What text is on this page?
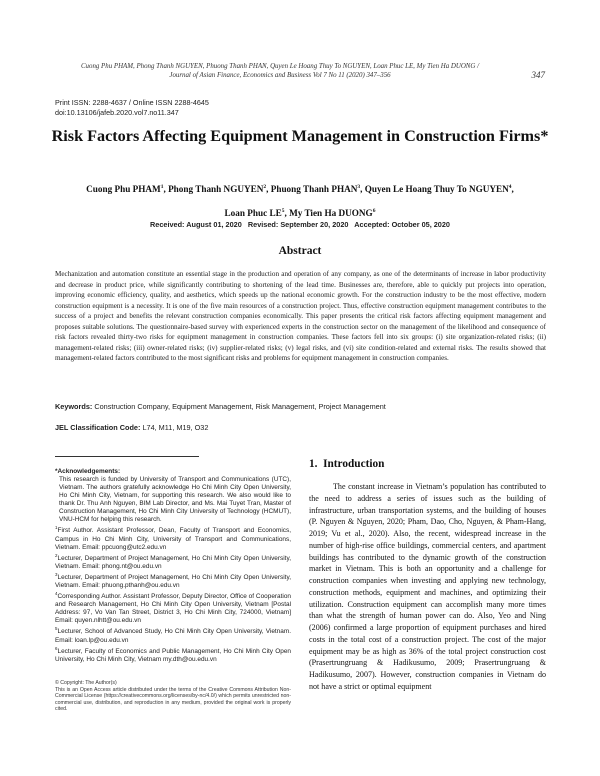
Cuong Phu PHAM, Phong Thanh NGUYEN, Phuong Thanh PHAN, Quyen Le Hoang Thuy To NGUYEN, Loan Phuc LE, My Tien Ha DUONG /
Journal of Asian Finance, Economics and Business Vol 7 No 11 (2020) 347–356	347
Print ISSN: 2288-4637 / Online ISSN 2288-4645
doi:10.13106/jafeb.2020.vol7.no11.347
Risk Factors Affecting Equipment Management in Construction Firms*
Cuong Phu PHAM$^1$, Phong Thanh NGUYEN$^2$, Phuong Thanh PHAN$^3$, Quyen Le Hoang Thuy To NGUYEN$^4$,
Loan Phuc $LE^5$, My Tien Ha DUONG$^6$
Received: August 01, 2020   Revised: September 20, 2020   Accepted: October 05, 2020
Abstract
Mechanization and automation constitute an essential stage in the production and operation of any company, as one of the determinants of increase in labor productivity and decrease in product price, while significantly contributing to shortening of the lead time. Businesses are, therefore, able to quickly put projects into operation, improving economic efficiency, quality, and aesthetics, which speeds up the national economic growth. For the construction industry to be the most effective, modern construction equipment is a necessity. It is one of the five main resources of a construction project. Thus, effective construction equipment management contributes to the success of a project and benefits the relevant construction companies economically. This paper presents the critical risk factors affecting equipment management and proposes suitable solutions. The questionnaire-based survey with experienced experts in the construction sector on the management of the likelihood and consequence of risk factors revealed thirty-two risks for equipment management in construction companies. These factors fell into six groups: (i) site organization-related risks; (ii) management-related risks; (iii) owner-related risks; (iv) supplier-related risks; (v) legal risks, and (vi) site condition-related and external risks. The results showed that management-related factors contributed to the most significant risks and problems for equipment management in construction companies.
Keywords: Construction Company, Equipment Management, Risk Management, Project Management
JEL Classification Code: L74, M11, M19, O32
*Acknowledgements:
This research is funded by University of Transport and Communications (UTC), Vietnam. The authors gratefully acknowledge Ho Chi Minh City Open University, Ho Chi Minh City, Vietnam, for supporting this research. We also would like to thank Dr. Thu Anh Nguyen, BIM Lab Director, and Ms. Mai Tuyet Tran, Master of Construction Management, Ho Chi Minh City University of Technology (HCMUT), VNU-HCM for helping this research.
$^1$First Author. Assistant Professor, Dean, Faculty of Transport and Economics, Campus in Ho Chi Minh City, University of Transport and Communications, Vietnam. Email: ppcuong@utc2.edu.vn
$^2$Lecturer, Department of Project Management, Ho Chi Minh City Open University, Vietnam. Email: phong.nt@ou.edu.vn
$^3$Lecturer, Department of Project Management, Ho Chi Minh City Open University, Vietnam. Email: phuong.pthanh@ou.edu.vn
$^4$Corresponding Author. Assistant Professor, Deputy Director, Office of Cooperation and Research Management, Ho Chi Minh City Open University, Vietnam [Postal Address: 97, Vo Van Tan Street, District 3, Ho Chi Minh City, 724000, Vietnam] Email: quyen.nlhtt@ou.edu.vn
$^5$Lecturer, School of Advanced Study, Ho Chi Minh City Open University, Vietnam. Email: loan.lp@ou.edu.vn
$^6$Lecturer, Faculty of Economics and Public Management, Ho Chi Minh City Open University, Ho Chi Minh City, Vietnam my.dth@ou.edu.vn
© Copyright: The Author(s)
This is an Open Access article distributed under the terms of the Creative Commons Attribution Non-Commercial License (https://creativecommons.org/licenses/by-nc/4.0/) which permits unrestricted non-commercial use, distribution, and reproduction in any medium, provided the original work is properly cited.
1.  Introduction
The constant increase in Vietnam’s population has contributed to the need to address a series of issues such as the building of infrastructure, urban transportation systems, and the building of houses (P. Nguyen & Nguyen, 2020; Pham, Dao, Cho, Nguyen, & Pham-Hang, 2019; Vu et al., 2020). Also, the recent, widespread increase in the number of high-rise office buildings, commercial centers, and apartment buildings has contributed to the dynamic growth of the construction market in Vietnam. This is both an opportunity and a challenge for construction companies when investing and applying new technology, construction methods, equipment and machines, and optimizing their utilization. Construction equipment can accomplish many more times than what the strength of human power can do. Also, Yeo and Ning (2006) confirmed a large proportion of equipment purchases and hired costs in the total cost of a construction project. The cost of the major equipment may be as high as 36% of the total project construction cost (Prasertrungruang & Hadikusumo, 2009; Prasertrungruang & Hadikusumo, 2007). However, construction companies in Vietnam do not have a strict or optimal equipment
